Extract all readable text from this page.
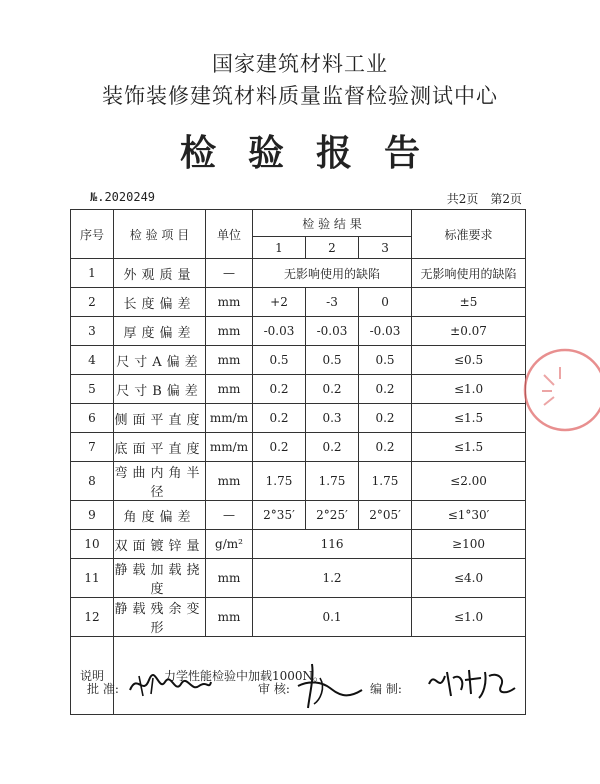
国家建筑材料工业
装饰装修建筑材料质量监督检验测试中心
检验报告
№.2020249	共2页　第2页
序号	检 验 项 目	单位	检 验 结 果			标准要求
			1	2	3	
1	外观质量	—	无影响使用的缺陷			无影响使用的缺陷
2	长度偏差	mm	+2	-3	0	±5
3	厚度偏差	mm	-0.03	-0.03	-0.03	±0.07
4	尺寸A偏差	mm	0.5	0.5	0.5	≤0.5
5	尺寸B偏差	mm	0.2	0.2	0.2	≤1.0
6	侧面平直度	mm/m	0.2	0.3	0.2	≤1.5
7	底面平直度	mm/m	0.2	0.2	0.2	≤1.5
8	弯曲内角半径	mm	1.75	1.75	1.75	≤2.00
9	角度偏差	—	2°35′	2°25′	2°05′	≤1°30′
10	双面镀锌量	g/m²	116			≥100
11	静载加载挠度	mm	1.2			≤4.0
12	静载残余变形	mm	0.1			≤1.0

说明	力学性能检验中加载1000N。					
批 准:	审 核:	编 制:
